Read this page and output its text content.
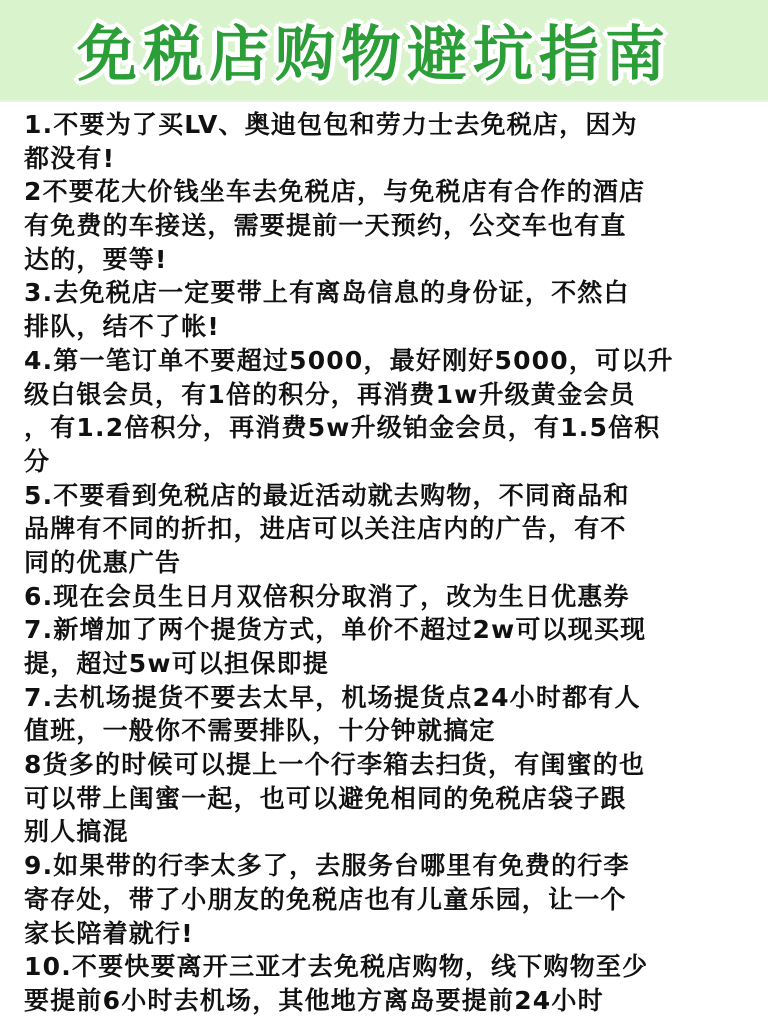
免税店购物避坑指南
1.不要为了买LV、奥迪包包和劳力士去免税店，因为
都没有!
2不要花大价钱坐车去免税店，与免税店有合作的酒店
有免费的车接送，需要提前一天预约，公交车也有直
达的，要等!
3.去免税店一定要带上有离岛信息的身份证，不然白
排队，结不了帐!
4.第一笔订单不要超过5000，最好刚好5000，可以升
级白银会员，有1倍的积分，再消费1w升级黄金会员
，有1.2倍积分，再消费5w升级铂金会员，有1.5倍积
分
5.不要看到免税店的最近活动就去购物，不同商品和
品牌有不同的折扣，进店可以关注店内的广告，有不
同的优惠广告
6.现在会员生日月双倍积分取消了，改为生日优惠券
7.新增加了两个提货方式，单价不超过2w可以现买现
提，超过5w可以担保即提
7.去机场提货不要去太早，机场提货点24小时都有人
值班，一般你不需要排队，十分钟就搞定
8货多的时候可以提上一个行李箱去扫货，有闺蜜的也
可以带上闺蜜一起，也可以避免相同的免税店袋子跟
别人搞混
9.如果带的行李太多了，去服务台哪里有免费的行李
寄存处，带了小朋友的免税店也有儿童乐园，让一个
家长陪着就行!
10.不要快要离开三亚才去免税店购物，线下购物至少
要提前6小时去机场，其他地方离岛要提前24小时
